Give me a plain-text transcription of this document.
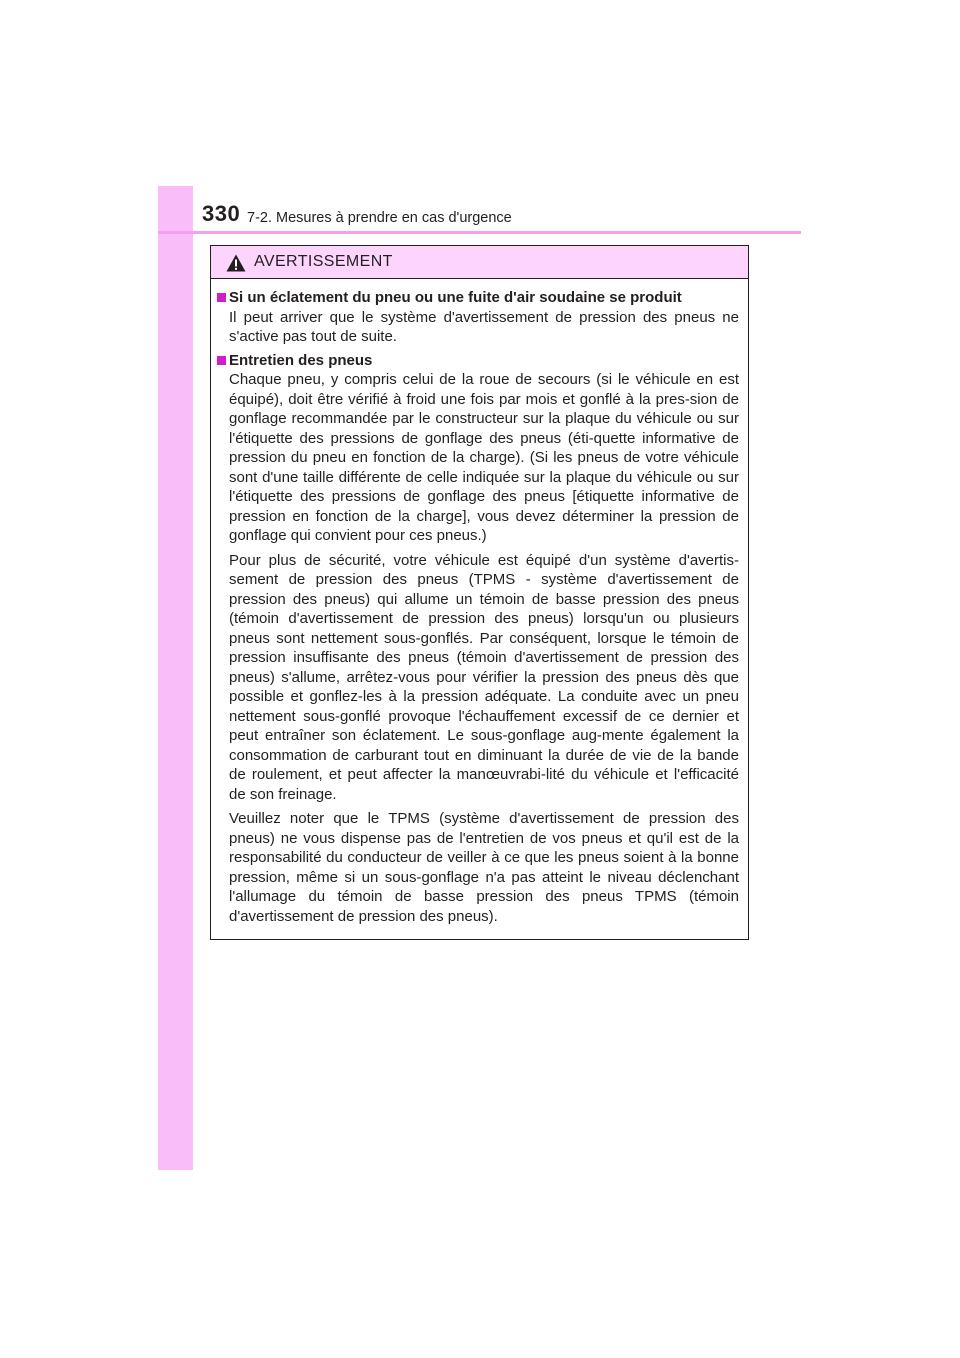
330 7-2. Mesures à prendre en cas d'urgence
AVERTISSEMENT
Si un éclatement du pneu ou une fuite d'air soudaine se produit

Il peut arriver que le système d'avertissement de pression des pneus ne s'active pas tout de suite.

Entretien des pneus

Chaque pneu, y compris celui de la roue de secours (si le véhicule en est équipé), doit être vérifié à froid une fois par mois et gonflé à la pres-sion de gonflage recommandée par le constructeur sur la plaque du véhicule ou sur l'étiquette des pressions de gonflage des pneus (éti-quette informative de pression du pneu en fonction de la charge). (Si les pneus de votre véhicule sont d'une taille différente de celle indiquée sur la plaque du véhicule ou sur l'étiquette des pressions de gonflage des pneus [étiquette informative de pression en fonction de la charge], vous devez déterminer la pression de gonflage qui convient pour ces pneus.)

Pour plus de sécurité, votre véhicule est équipé d'un système d'avertis-sement de pression des pneus (TPMS - système d'avertissement de pression des pneus) qui allume un témoin de basse pression des pneus (témoin d'avertissement de pression des pneus) lorsqu'un ou plusieurs pneus sont nettement sous-gonflés. Par conséquent, lorsque le témoin de pression insuffisante des pneus (témoin d'avertissement de pression des pneus) s'allume, arrêtez-vous pour vérifier la pression des pneus dès que possible et gonflez-les à la pression adéquate. La conduite avec un pneu nettement sous-gonflé provoque l'échauffement excessif de ce dernier et peut entraîner son éclatement. Le sous-gonflage aug-mente également la consommation de carburant tout en diminuant la durée de vie de la bande de roulement, et peut affecter la manœuvrabi-lité du véhicule et l'efficacité de son freinage.

Veuillez noter que le TPMS (système d'avertissement de pression des pneus) ne vous dispense pas de l'entretien de vos pneus et qu'il est de la responsabilité du conducteur de veiller à ce que les pneus soient à la bonne pression, même si un sous-gonflage n'a pas atteint le niveau déclenchant l'allumage du témoin de basse pression des pneus TPMS (témoin d'avertissement de pression des pneus).
